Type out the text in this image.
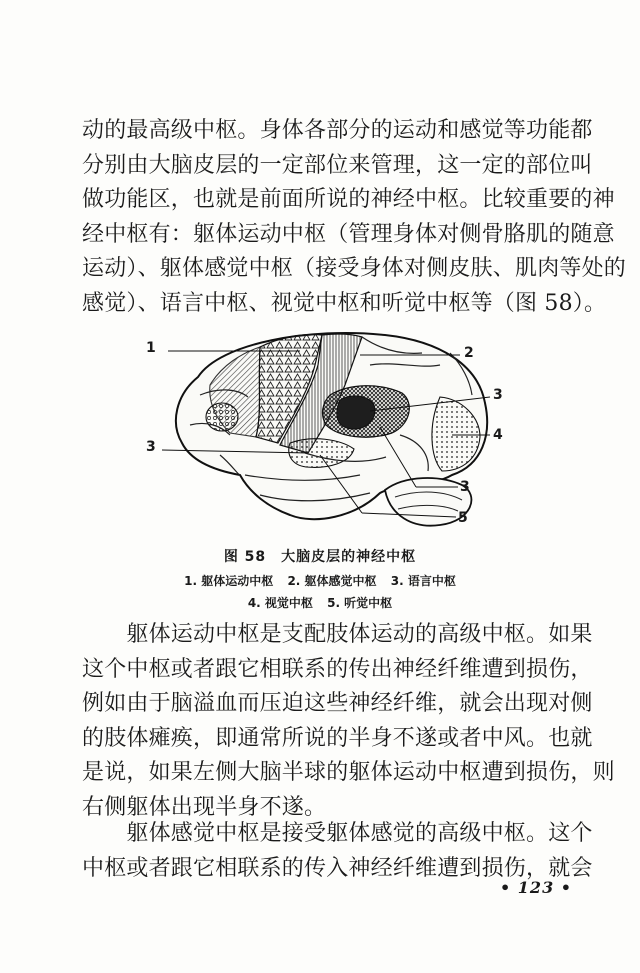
动的最高级中枢。身体各部分的运动和感觉等功能都

分别由大脑皮层的一定部位来管理，这一定的部位叫

做功能区，也就是前面所说的神经中枢。比较重要的神

经中枢有：躯体运动中枢（管理身体对侧骨胳肌的随意

运动）、躯体感觉中枢（接受身体对侧皮肤、肌肉等处的

感觉）、语言中枢、视觉中枢和听觉中枢等（图 58）。

1	2
3
4
3
3
5
图 58　大脑皮层的神经中枢
1. 躯体运动中枢 2. 躯体感觉中枢 3. 语言中枢
4. 视觉中枢 5. 听觉中枢

　　躯体运动中枢是支配肢体运动的高级中枢。如果

这个中枢或者跟它相联系的传出神经纤维遭到损伤，

例如由于脑溢血而压迫这些神经纤维，就会出现对侧

的肢体瘫痪，即通常所说的半身不遂或者中风。也就

是说，如果左侧大脑半球的躯体运动中枢遭到损伤，则

右侧躯体出现半身不遂。

　　躯体感觉中枢是接受躯体感觉的高级中枢。这个

中枢或者跟它相联系的传入神经纤维遭到损伤，就会

• 123 •
